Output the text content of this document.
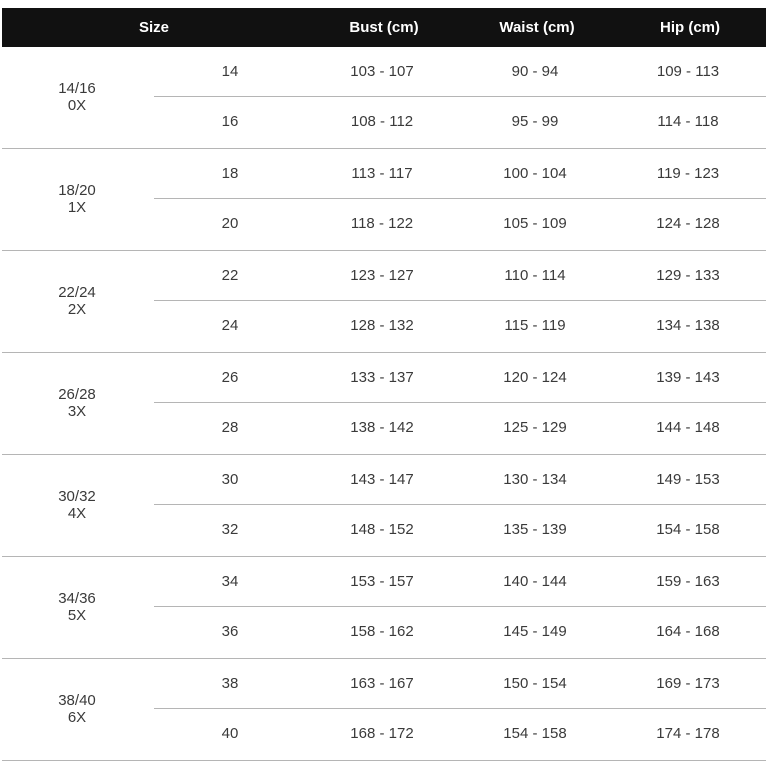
Size	Bust (cm)	Waist (cm)	Hip (cm)
14/16
0X
14	103 - 107	90 - 94	109 - 113
16	108 - 112	95 - 99	114 - 118
18/20
1X
18	113 - 117	100 - 104	119 - 123
20	118 - 122	105 - 109	124 - 128
22/24
2X
22	123 - 127	110 - 114	129 - 133
24	128 - 132	115 - 119	134 - 138
26/28
3X
26	133 - 137	120 - 124	139 - 143
28	138 - 142	125 - 129	144 - 148
30/32
4X
30	143 - 147	130 - 134	149 - 153
32	148 - 152	135 - 139	154 - 158
34/36
5X
34	153 - 157	140 - 144	159 - 163
36	158 - 162	145 - 149	164 - 168
38/40
6X
38	163 - 167	150 - 154	169 - 173
40	168 - 172	154 - 158	174 - 178
